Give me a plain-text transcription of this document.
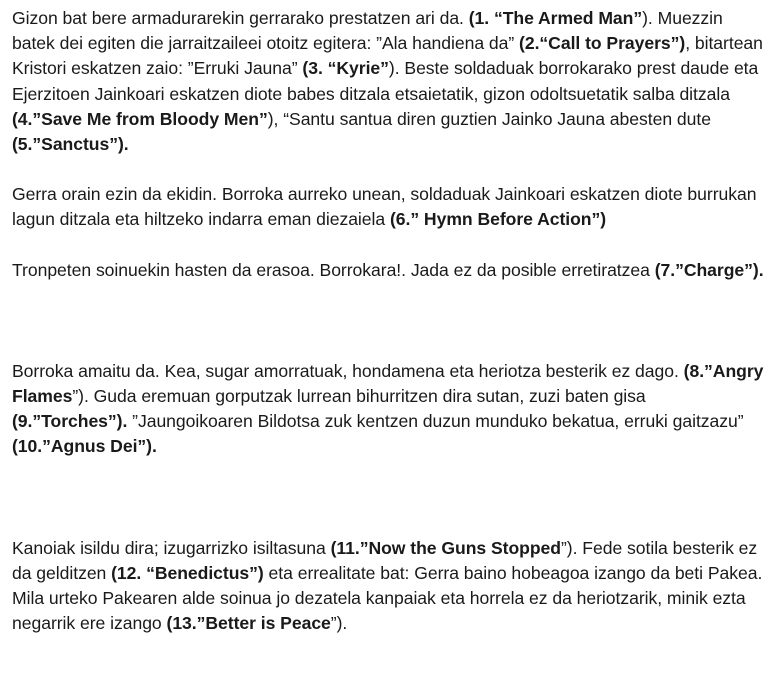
Gizon bat bere armadurarekin gerrarako prestatzen ari da. (1. “The Armed Man”). Muezzin batek dei egiten die jarraitzaileei otoitz egitera: ”Ala handiena da” (2.“Call to Prayers”), bitartean Kristori eskatzen zaio: ”Erruki Jauna” (3. “Kyrie”). Beste soldaduak borrokarako prest daude eta Ejerzitoen Jainkoari eskatzen diote babes ditzala etsaietatik, gizon odoltsuetatik salba ditzala (4.”Save Me from Bloody Men”), “Santu santua diren guztien Jainko Jauna abesten dute (5.”Sanctus”).

Gerra orain ezin da ekidin. Borroka aurreko unean, soldaduak Jainkoari eskatzen diote burrukan lagun ditzala eta hiltzeko indarra eman diezaiela (6.” Hymn Before Action”)

Tronpeten soinuekin hasten da erasoa. Borrokara!. Jada ez da posible erretiratzea (7.”Charge”).

Borroka amaitu da. Kea, sugar amorratuak, hondamena eta heriotza besterik ez dago. (8.”Angry Flames”). Guda eremuan gorputzak lurrean bihurritzen dira sutan, zuzi baten gisa (9.”Torches”). ”Jaungoikoaren Bildotsa zuk kentzen duzun munduko bekatua, erruki gaitzazu” (10.”Agnus Dei”).

Kanoiak isildu dira; izugarrizko isiltasuna (11.”Now the Guns Stopped”). Fede sotila besterik ez da gelditzen (12. “Benedictus”) eta errealitate bat: Gerra baino hobeagoa izango da beti Pakea. Mila urteko Pakearen alde soinua jo dezatela kanpaiak eta horrela ez da heriotzarik, minik ezta negarrik ere izango (13.”Better is Peace”).
